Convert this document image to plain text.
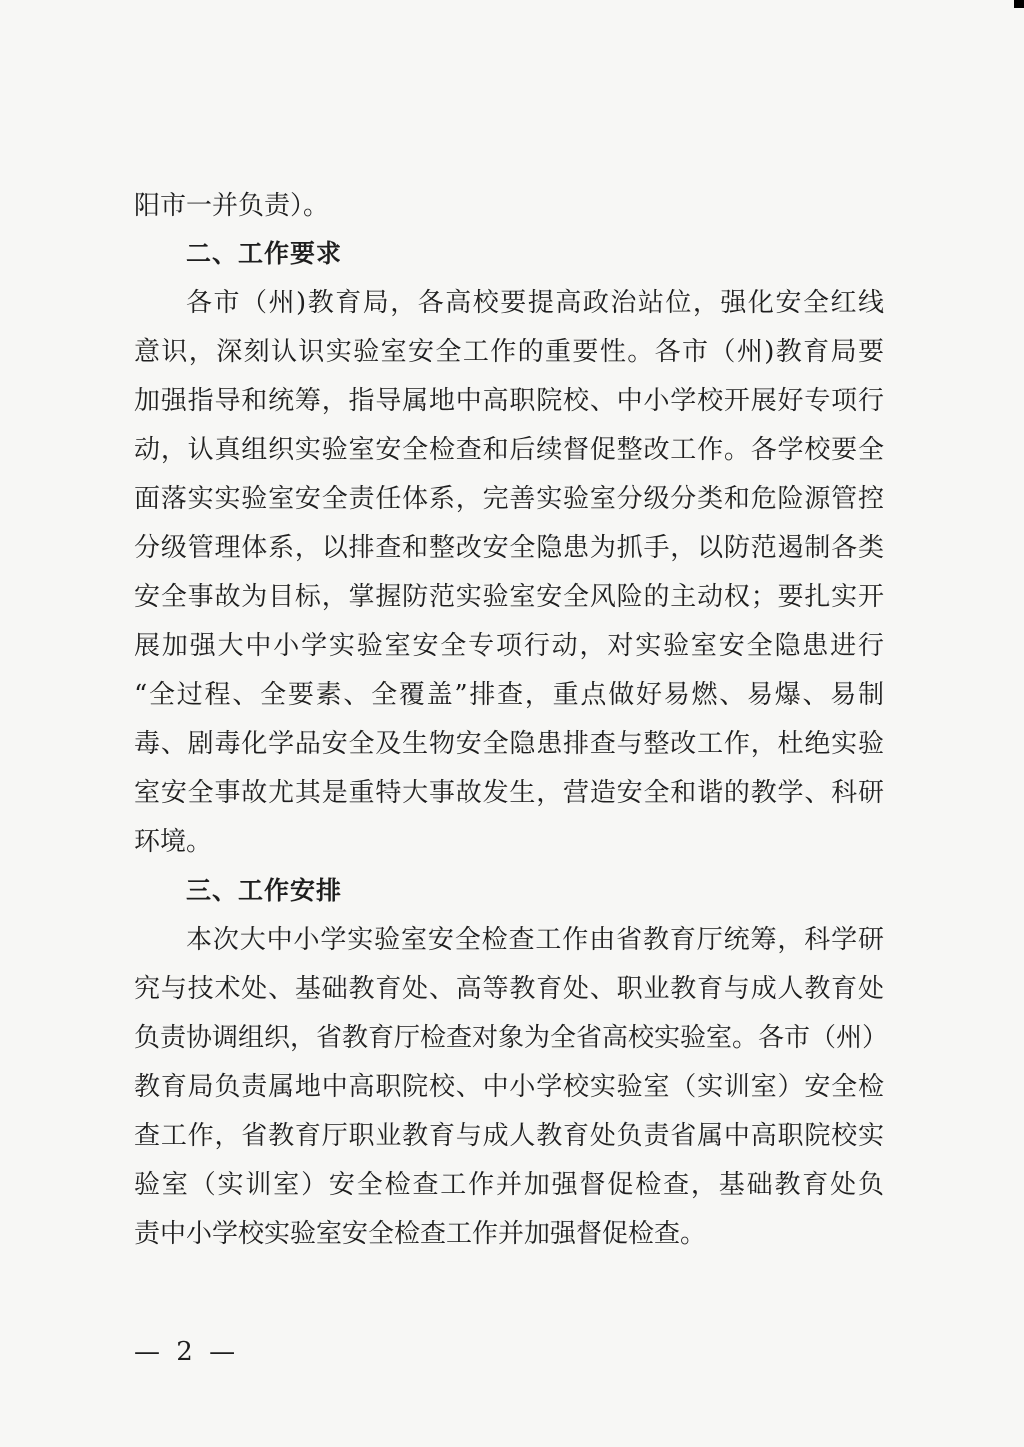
阳市一并负责）。
二、工作要求
各市（州)教育局，各高校要提高政治站位，强化安全红线
意识，深刻认识实验室安全工作的重要性。各市（州)教育局要
加强指导和统筹，指导属地中高职院校、中小学校开展好专项行
动，认真组织实验室安全检查和后续督促整改工作。各学校要全
面落实实验室安全责任体系，完善实验室分级分类和危险源管控
分级管理体系，以排查和整改安全隐患为抓手，以防范遏制各类
安全事故为目标，掌握防范实验室安全风险的主动权；要扎实开
展加强大中小学实验室安全专项行动，对实验室安全隐患进行
“全过程、全要素、全覆盖”排查，重点做好易燃、易爆、易制
毒、剧毒化学品安全及生物安全隐患排查与整改工作，杜绝实验
室安全事故尤其是重特大事故发生，营造安全和谐的教学、科研
环境。
三、工作安排
本次大中小学实验室安全检查工作由省教育厅统筹，科学研
究与技术处、基础教育处、高等教育处、职业教育与成人教育处
负责协调组织，省教育厅检查对象为全省高校实验室。各市（州）
教育局负责属地中高职院校、中小学校实验室（实训室）安全检
查工作，省教育厅职业教育与成人教育处负责省属中高职院校实
验室（实训室）安全检查工作并加强督促检查，基础教育处负
责中小学校实验室安全检查工作并加强督促检查。
— 2 —
